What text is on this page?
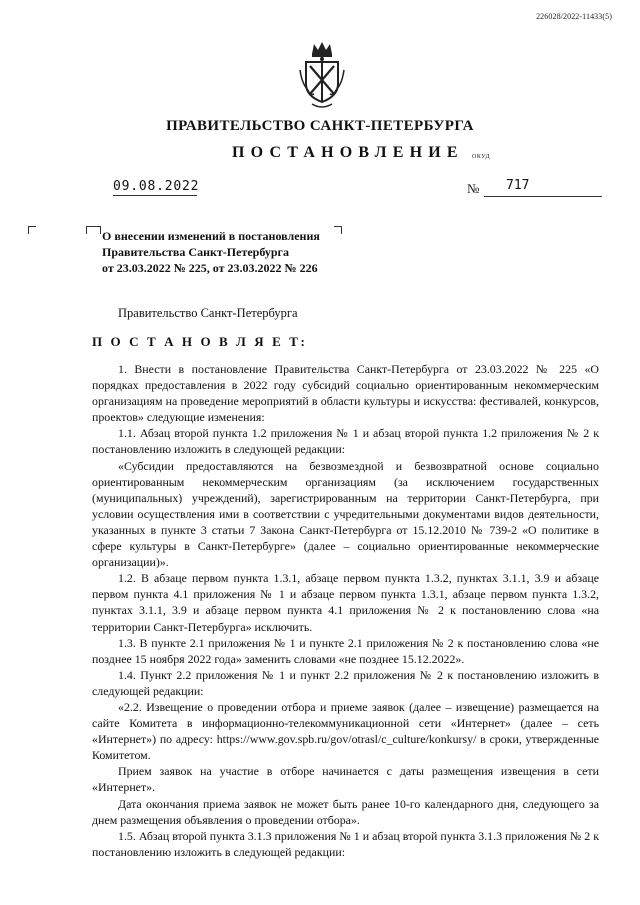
226028/2022-11433(5)
ПРАВИТЕЛЬСТВО САНКТ-ПЕТЕРБУРГА
ПОСТАНОВЛЕНИЕ ОКУД
09.08.2022	№ 717
О внесении изменений в постановления
Правительства Санкт-Петербурга
от 23.03.2022 № 225, от 23.03.2022 № 226
Правительство Санкт-Петербурга
П О С Т А Н О В Л Я Е Т:

1. Внести в постановление Правительства Санкт-Петербурга от 23.03.2022 № 225 «О порядках предоставления в 2022 году субсидий социально ориентированным некоммерческим организациям на проведение мероприятий в области культуры и искусства: фестивалей, конкурсов, проектов» следующие изменения:

1.1. Абзац второй пункта 1.2 приложения № 1 и абзац второй пункта 1.2 приложения № 2 к постановлению изложить в следующей редакции:

«Субсидии предоставляются на безвозмездной и безвозвратной основе социально ориентированным некоммерческим организациям (за исключением государственных (муниципальных) учреждений), зарегистрированным на территории Санкт-Петербурга, при условии осуществления ими в соответствии с учредительными документами видов деятельности, указанных в пункте 3 статьи 7 Закона Санкт-Петербурга от 15.12.2010 № 739-2 «О политике в сфере культуры в Санкт-Петербурге» (далее – социально ориентированные некоммерческие организации)».

1.2. В абзаце первом пункта 1.3.1, абзаце первом пункта 1.3.2, пунктах 3.1.1, 3.9 и абзаце первом пункта 4.1 приложения № 1 и абзаце первом пункта 1.3.1, абзаце первом пункта 1.3.2, пунктах 3.1.1, 3.9 и абзаце первом пункта 4.1 приложения № 2 к постановлению слова «на территории Санкт-Петербурга» исключить.

1.3. В пункте 2.1 приложения № 1 и пункте 2.1 приложения № 2 к постановлению слова «не позднее 15 ноября 2022 года» заменить словами «не позднее 15.12.2022».

1.4. Пункт 2.2 приложения № 1 и пункт 2.2 приложения № 2 к постановлению изложить в следующей редакции:

«2.2. Извещение о проведении отбора и приеме заявок (далее – извещение) размещается на сайте Комитета в информационно-телекоммуникационной сети «Интернет» (далее – сеть «Интернет») по адресу: https://www.gov.spb.ru/gov/otrasl/c_culture/konkursy/ в сроки, утвержденные Комитетом.

Прием заявок на участие в отборе начинается с даты размещения извещения в сети «Интернет».

Дата окончания приема заявок не может быть ранее 10-го календарного дня, следующего за днем размещения объявления о проведении отбора».

1.5. Абзац второй пункта 3.1.3 приложения № 1 и абзац второй пункта 3.1.3 приложения № 2 к постановлению изложить в следующей редакции:
